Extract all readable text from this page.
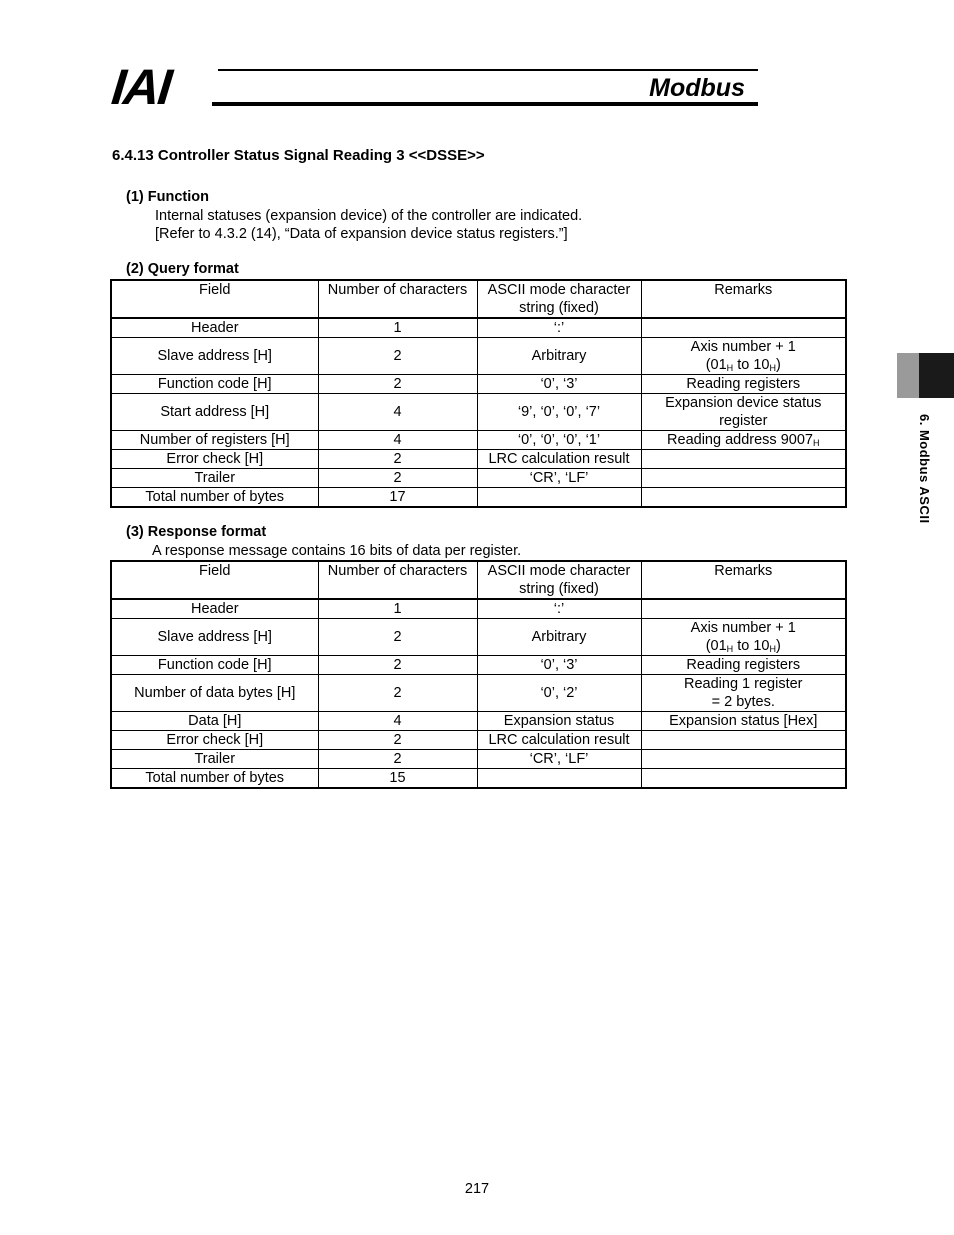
IAI	Modbus
6.4.13 Controller Status Signal Reading 3 <<DSSE>>
(1) Function
Internal statuses (expansion device) of the controller are indicated.
[Refer to 4.3.2 (14), “Data of expansion device status registers.”]
(2) Query format
Field	Number of characters	ASCII mode character string (fixed)	Remarks
Header	1	‘:’	
Slave address [H]	2	Arbitrary	Axis number + 1
($01_H$ to $10_H$)

Function code [H]	2	‘0’, ‘3’	Reading registers
Start address [H]	4	‘9’, ‘0’, ‘0’, ‘7’	Expansion device status register
Number of registers [H]	4	‘0’, ‘0’, ‘0’, ‘1’	Reading address $9007_H$
Error check [H]	2	LRC calculation result	
Trailer	2	‘CR’, ‘LF’	
Total number of bytes	17		
(3) Response format
A response message contains 16 bits of data per register.
Field	Number of characters	ASCII mode character string (fixed)	Remarks
Header	1	‘:’	
Slave address [H]	2	Arbitrary	Axis number + 1
($01_H$ to $10_H$)

Function code [H]	2	‘0’, ‘3’	Reading registers
Number of data bytes [H]	2	‘0’, ‘2’	Reading 1 register
= 2 bytes.

Data [H]	4	Expansion status	Expansion status [Hex]
Error check [H]	2	LRC calculation result	
Trailer	2	‘CR’, ‘LF’	
Total number of bytes	15		
6. Modbus ASCII
217
